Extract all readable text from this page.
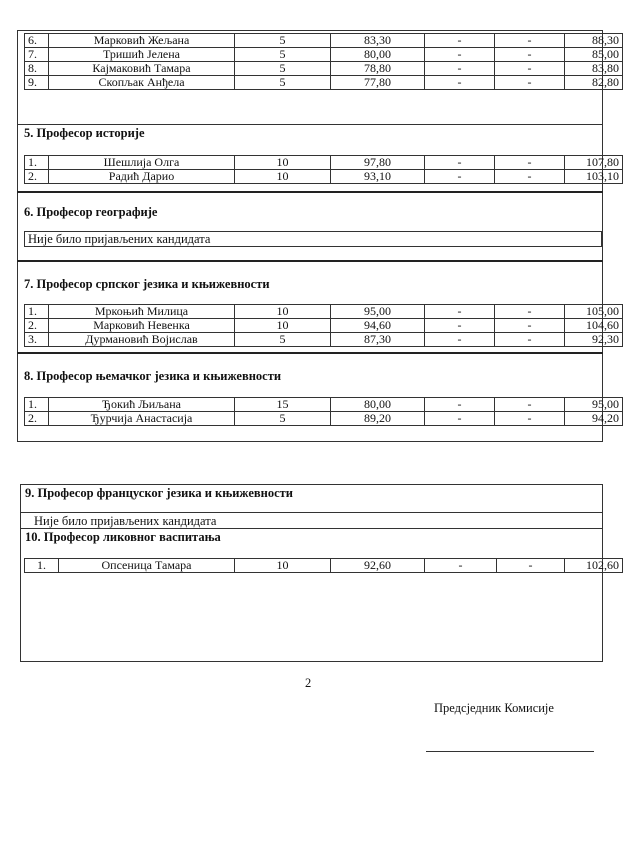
6.	Марковић Жељана	5	83,30	-	-	88,30
7.	Тришић Јелена	5	80,00	-	-	85,00
8.	Кајмаковић Тамара	5	78,80	-	-	83,80
9.	Скопљак Анђела	5	77,80	-	-	82,80
5. Професор историје
1.	Шешлија Олга	10	97,80	-	-	107,80
2.	Радић Дарио	10	93,10	-	-	103,10
6. Професор географије
Није било пријављених кандидата
7. Професор српског језика и књижевности
1.	Мркоњић Милица	10	95,00	-	-	105,00
2.	Марковић Невенка	10	94,60	-	-	104,60
3.	Дурмановић Војислав	5	87,30	-	-	92,30
8. Професор њемачког језика и књижевности
1.	Ђокић Љиљана	15	80,00	-	-	95,00
2.	Ђурчија Анастасија	5	89,20	-	-	94,20
9. Професор француског језика и књижевности
Није било пријављених кандидата
10. Професор ликовног васпитања
1.	Опсеница Тамара	10	92,60	-	-	102,60
2
Предсједник Комисије
